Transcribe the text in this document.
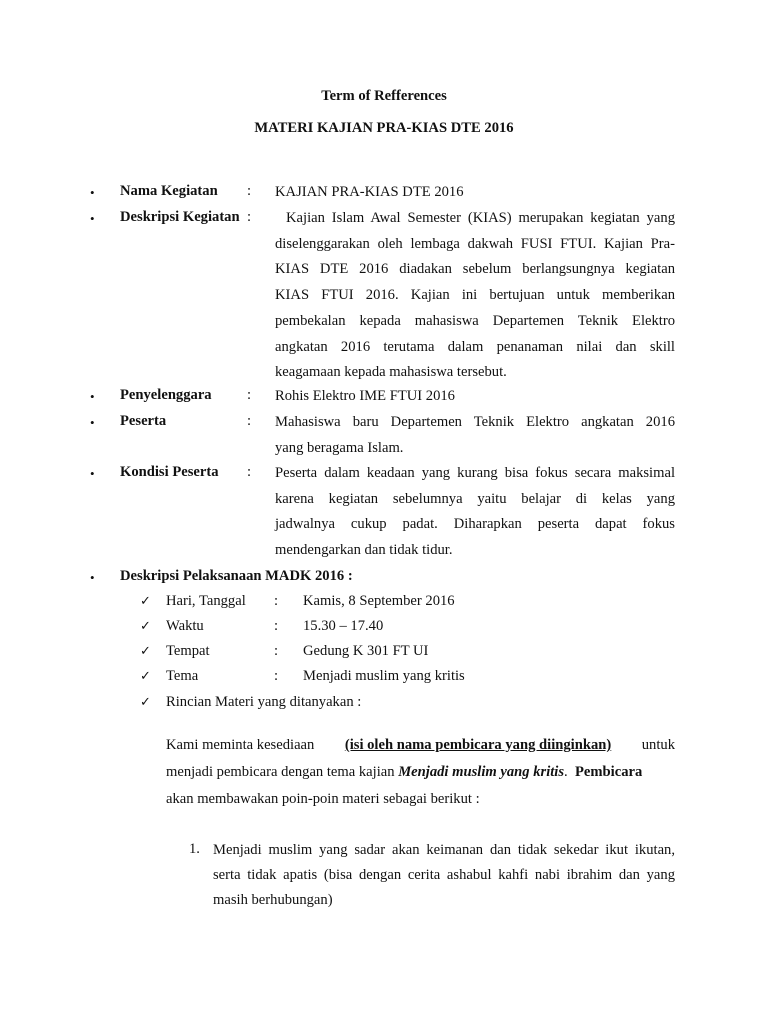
Term of Refferences
MATERI KAJIAN PRA-KIAS DTE 2016
• Nama Kegiatan : KAJIAN PRA-KIAS DTE 2016
• Deskripsi Kegiatan :	Kajian Islam Awal Semester (KIAS) merupakan kegiatan yang
diselenggarakan oleh lembaga dakwah FUSI FTUI. Kajian Pra-
KIAS DTE 2016 diadakan sebelum berlangsungnya kegiatan
KIAS FTUI 2016. Kajian ini bertujuan untuk memberikan
pembekalan kepada mahasiswa Departemen Teknik Elektro
angkatan 2016 terutama dalam penanaman nilai dan skill
keagamaan kepada mahasiswa tersebut.
• Penyelenggara : Rohis Elektro IME FTUI 2016
• Peserta	: Mahasiswa baru Departemen Teknik Elektro angkatan 2016
yang beragama Islam.
• Kondisi Peserta : Peserta dalam keadaan yang kurang bisa fokus secara maksimal
karena kegiatan sebelumnya yaitu belajar di kelas yang
jadwalnya cukup padat. Diharapkan peserta dapat fokus
mendengarkan dan tidak tidur.
• Deskripsi Pelaksanaan MADK 2016 :
✓ Hari, Tanggal : Kamis, 8 September 2016
✓ Waktu	: 15.30 – 17.40
✓ Tempat	: Gedung K 301 FT UI
✓ Tema	: Menjadi muslim yang kritis
✓ Rincian Materi yang ditanyakan :
Kami meminta kesediaan (isi oleh nama pembicara yang diinginkan) untuk
menjadi pembicara dengan tema kajian Menjadi muslim yang kritis. Pembicara
akan membawakan poin-poin materi sebagai berikut :
1. Menjadi muslim yang sadar akan keimanan dan tidak sekedar ikut ikutan,
serta tidak apatis (bisa dengan cerita ashabul kahfi nabi ibrahim dan yang
masih berhubungan)
